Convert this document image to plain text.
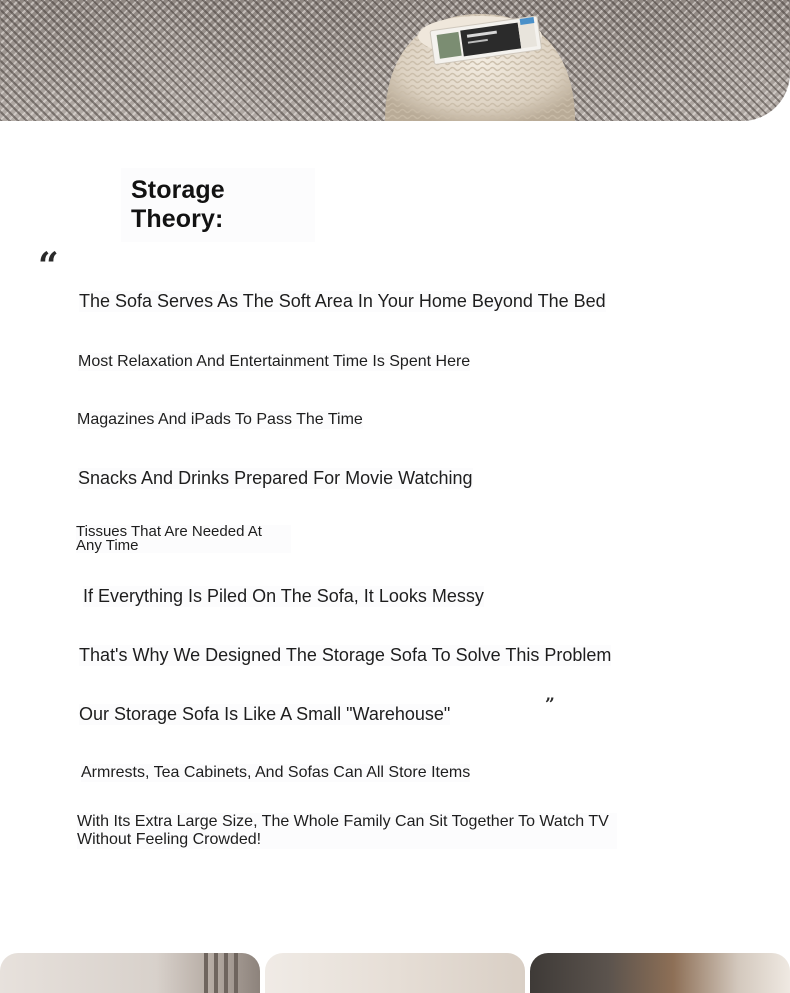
Storage Theory:
“
”
The Sofa Serves As The Soft Area In Your Home Beyond The Bed
Most Relaxation And Entertainment Time Is Spent Here
Magazines And iPads To Pass The Time
Snacks And Drinks Prepared For Movie Watching
Tissues That Are Needed At Any Time
If Everything Is Piled On The Sofa, It Looks Messy
That's Why We Designed The Storage Sofa To Solve This Problem
Our Storage Sofa Is Like A Small "Warehouse"
Armrests, Tea Cabinets, And Sofas Can All Store Items
With Its Extra Large Size, The Whole Family Can Sit Together To Watch TV Without Feeling Crowded!
